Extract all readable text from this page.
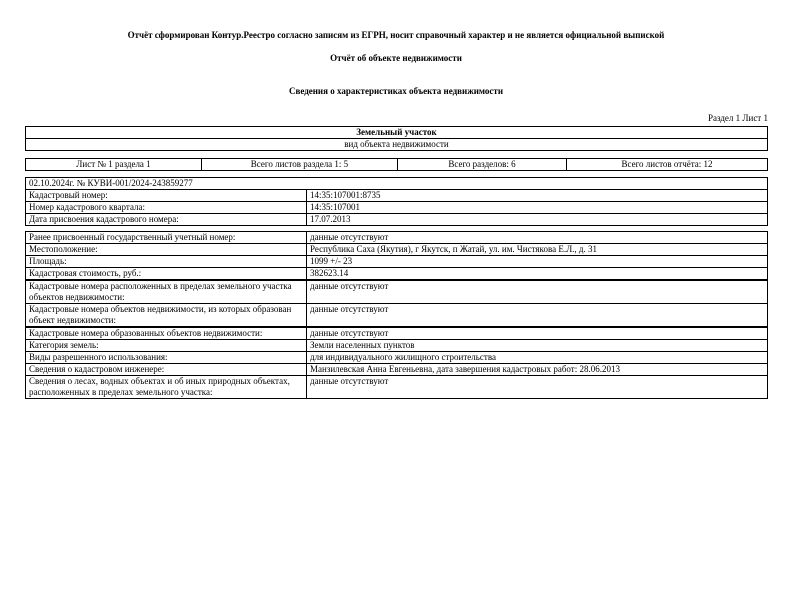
Отчёт сформирован Контур.Реестро согласно записям из ЕГРН, носит справочный характер и не является официальной выпиской
Отчёт об объекте недвижимости
Сведения о характеристиках объекта недвижимости
Раздел 1 Лист 1
Земельный участок
вид объекта недвижимости
Лист № 1 раздела 1	Всего листов раздела 1: 5	Всего разделов: 6	Всего листов отчёта: 12
02.10.2024г. № КУВИ-001/2024-243859277	
Кадастровый номер:	14:35:107001:8735
Номер кадастрового квартала:	14:35:107001
Дата присвоения кадастрового номера:	17.07.2013
Ранее присвоенный государственный учетный номер:	данные отсутствуют
Местоположение:	Республика Саха (Якутия), г Якутск, п Жатай, ул. им. Чистякова Е.Л., д. 31
Площадь:	1099 +/- 23
Кадастровая стоимость, руб.:	382623.14
Кадастровые номера расположенных в пределах земельного участка объектов недвижимости:	данные отсутствуют
Кадастровые номера объектов недвижимости, из которых образован объект недвижимости:	данные отсутствуют
Кадастровые номера образованных объектов недвижимости:	данные отсутствуют
Категория земель:	Земли населенных пунктов
Виды разрешенного использования:	для индивидуального жилищного строительства
Сведения о кадастровом инженере:	Манзилевская Анна Евгеньевна, дата завершения кадастровых работ: 28.06.2013
Сведения о лесах, водных объектах и об иных природных объектах, расположенных в пределах земельного участка:	данные отсутствуют
